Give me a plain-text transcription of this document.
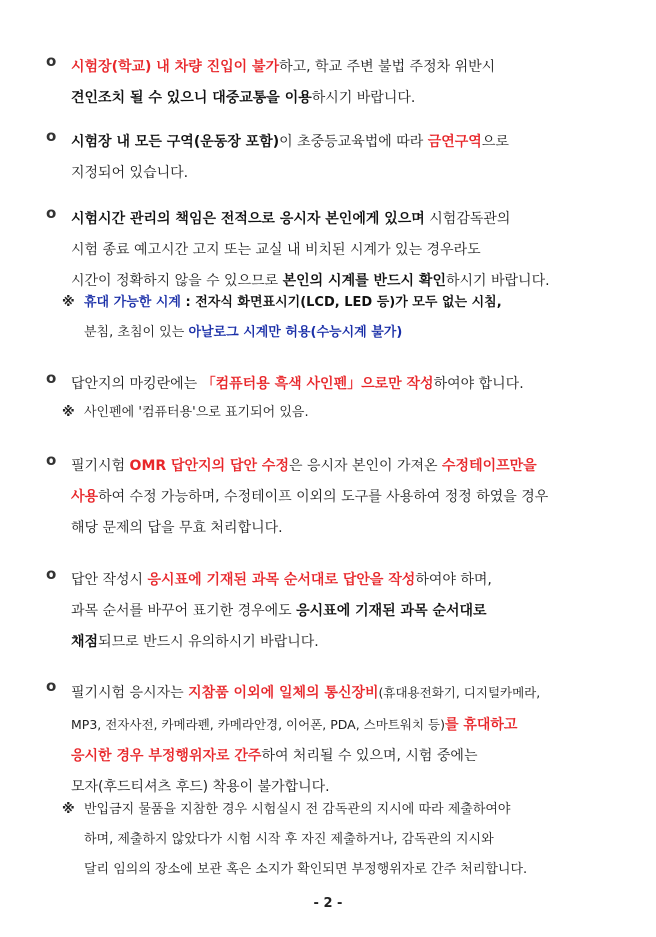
o 시험장(학교) 내 차량 진입이 불가하고, 학교 주변 불법 주정차 위반시
견인조치 될 수 있으니 대중교통을 이용하시기 바랍니다.
o 시험장 내 모든 구역(운동장 포함)이 초중등교육법에 따라 금연구역으로
지정되어 있습니다.
o 시험시간 관리의 책임은 전적으로 응시자 본인에게 있으며 시험감독관의
시험 종료 예고시간 고지 또는 교실 내 비치된 시계가 있는 경우라도
시간이 정확하지 않을 수 있으므로 본인의 시계를 반드시 확인하시기 바랍니다.
※ 휴대 가능한 시계 : 전자식 화면표시기(LCD, LED 등)가 모두 없는 시침,
분침, 초침이 있는 아날로그 시계만 허용(수능시계 불가)
o 답안지의 마킹란에는 「컴퓨터용 흑색 사인펜」으로만 작성하여야 합니다.
※ 사인펜에 '컴퓨터용'으로 표기되어 있음.
o 필기시험 OMR 답안지의 답안 수정은 응시자 본인이 가져온 수정테이프만을
사용하여 수정 가능하며, 수정테이프 이외의 도구를 사용하여 정정 하였을 경우
해당 문제의 답을 무효 처리합니다.
o 답안 작성시 응시표에 기재된 과목 순서대로 답안을 작성하여야 하며,
과목 순서를 바꾸어 표기한 경우에도 응시표에 기재된 과목 순서대로
채점되므로 반드시 유의하시기 바랍니다.
o 필기시험 응시자는 지참품 이외에 일체의 통신장비(휴대용전화기, 디지털카메라,
MP3, 전자사전, 카메라펜, 카메라안경, 이어폰, PDA, 스마트워치 등)를 휴대하고
응시한 경우 부정행위자로 간주하여 처리될 수 있으며, 시험 중에는
모자(후드티셔츠 후드) 착용이 불가합니다.
※ 반입금지 물품을 지참한 경우 시험실시 전 감독관의 지시에 따라 제출하여야
하며, 제출하지 않았다가 시험 시작 후 자진 제출하거나, 감독관의 지시와
달리 임의의 장소에 보관 혹은 소지가 확인되면 부정행위자로 간주 처리합니다.
- 2 -
